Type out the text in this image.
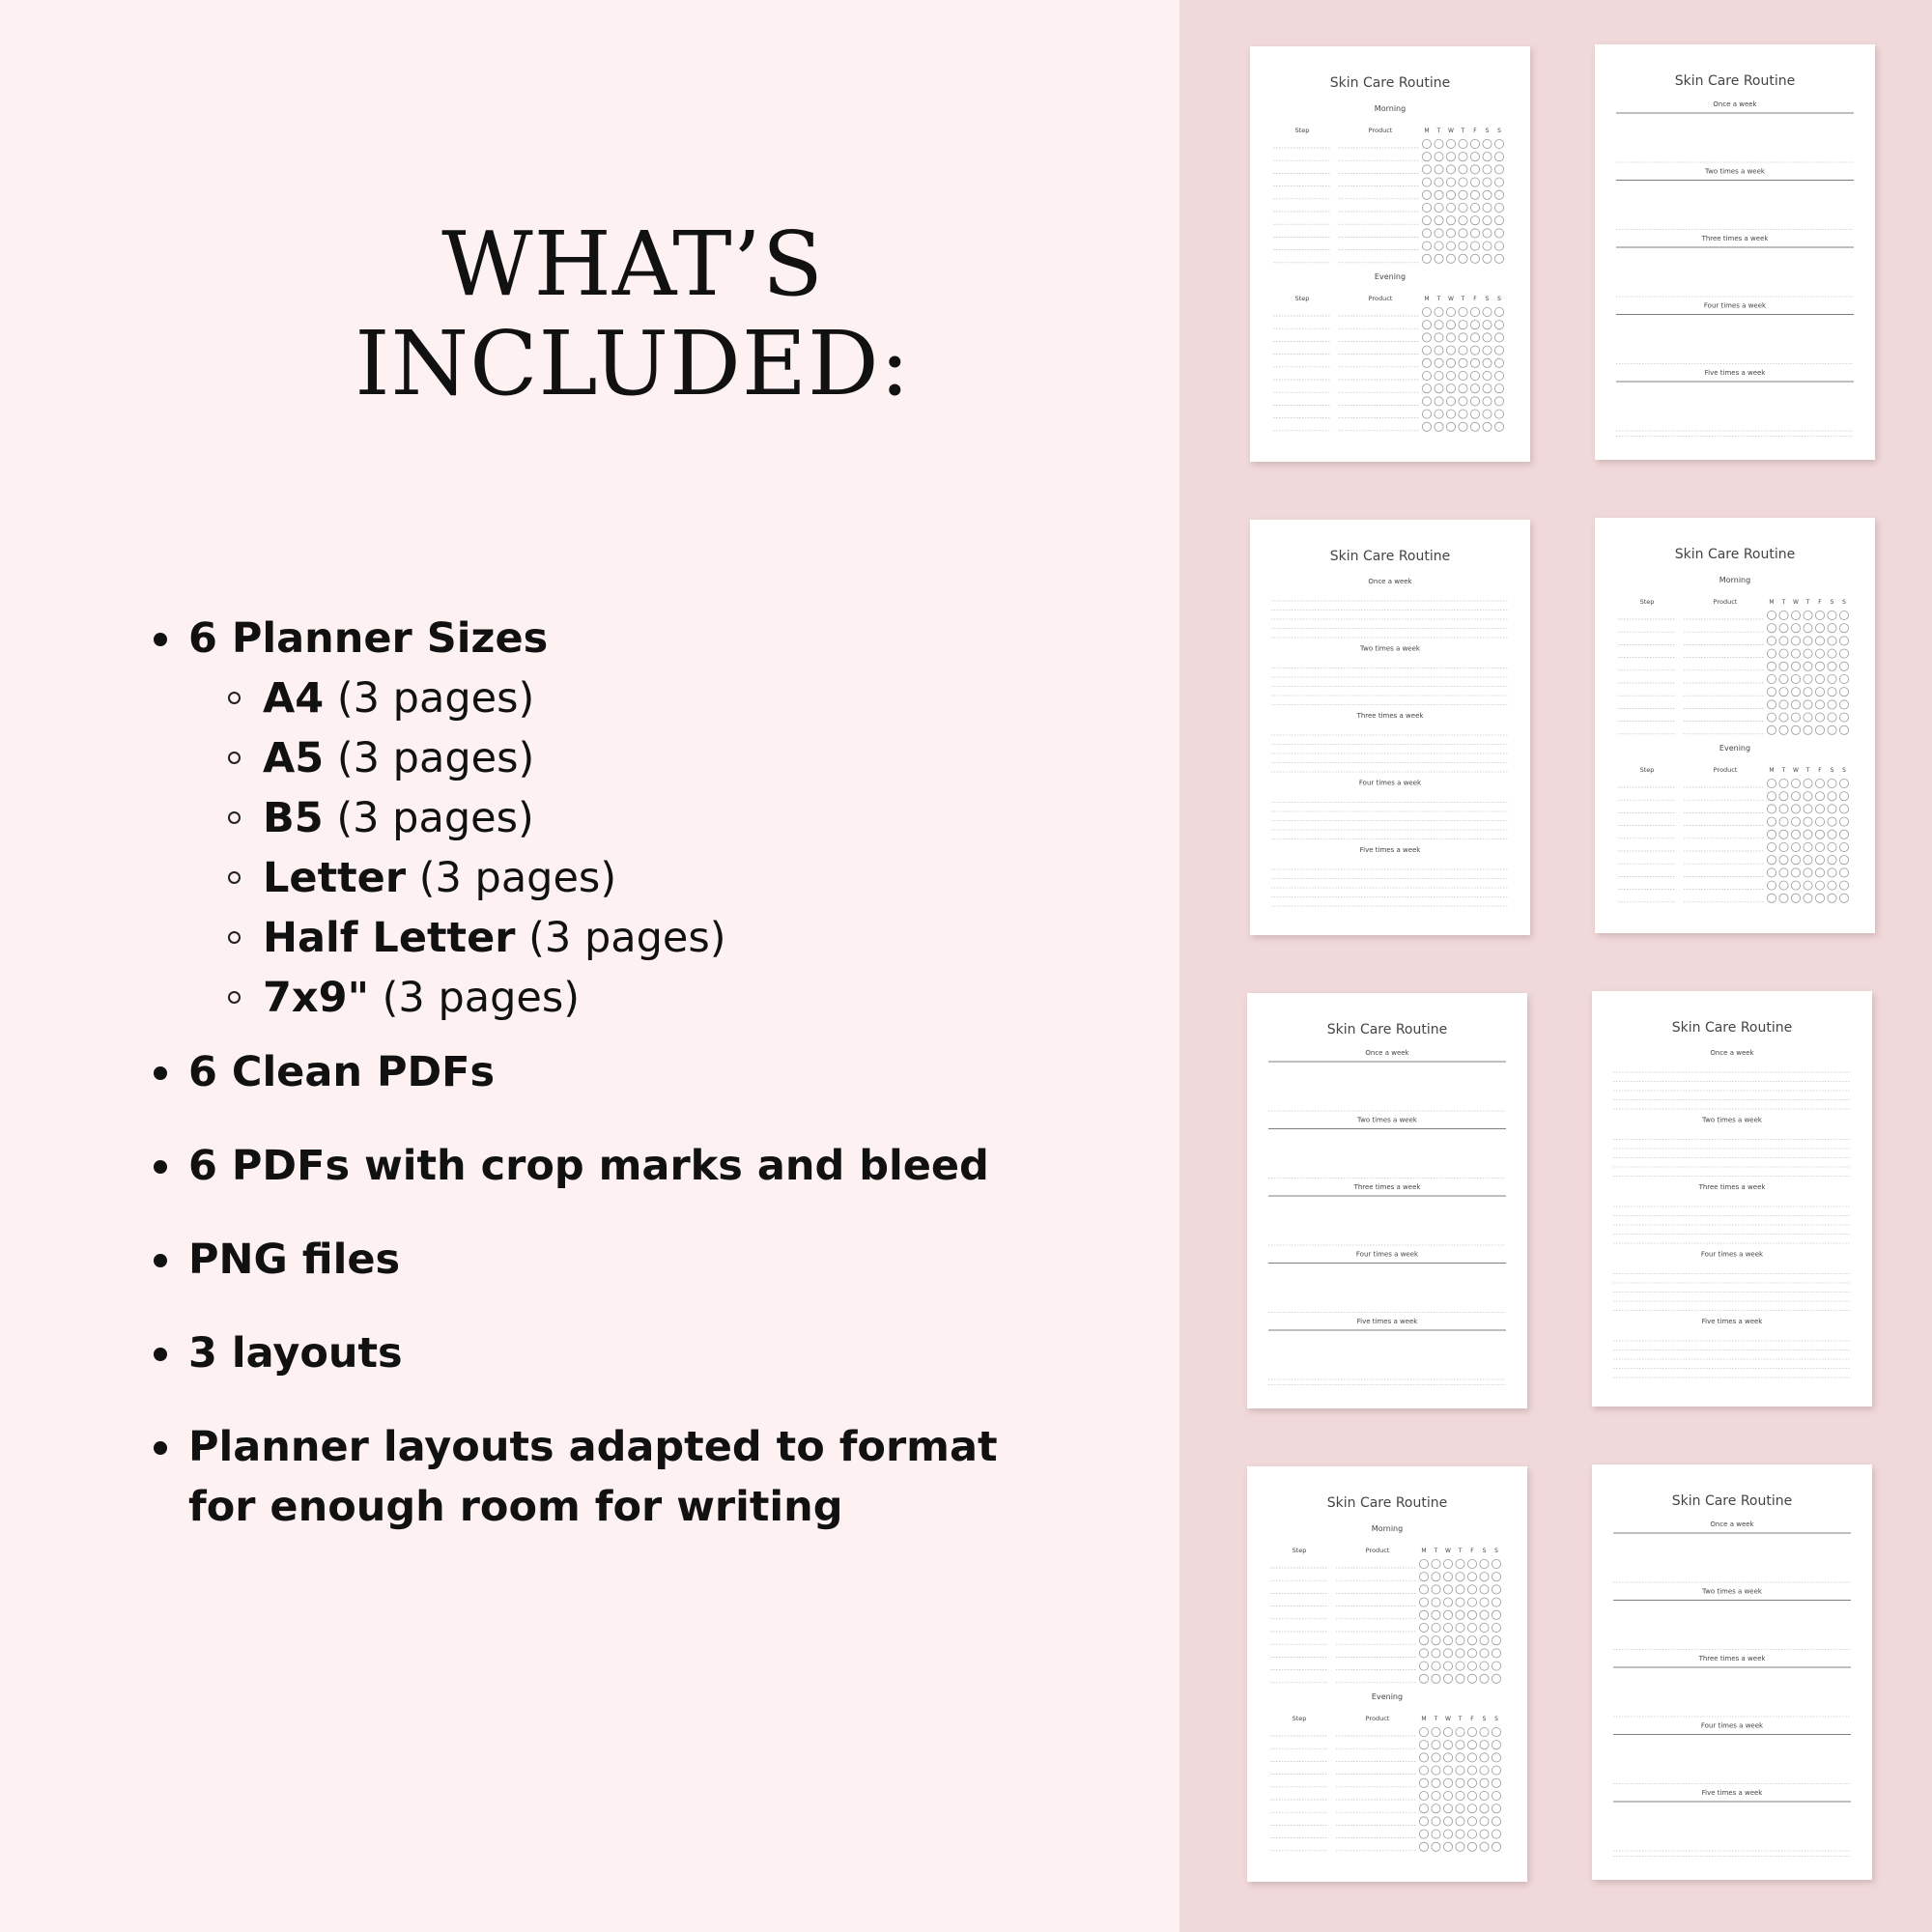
WHAT’S
INCLUDED:
6 Planner Sizes
A4 (3 pages)
A5 (3 pages)
B5 (3 pages)
Letter (3 pages)
Half Letter (3 pages)
7x9" (3 pages)
6 Clean PDFs
6 PDFs with crop marks and bleed
PNG files
3 layouts
Planner layouts adapted to format for enough room for writing
Skin Care Routine
Morning
Step	Product	M T W T F S S
Evening
Step	Product	M T W T F S S
Skin Care Routine
Once a week
Two times a week
Three times a week
Four times a week
Five times a week
Skin Care Routine
Once a week
Two times a week
Three times a week
Four times a week
Five times a week
Skin Care Routine
Morning
Step	Product	M T W T F S S
Evening
Step	Product	M T W T F S S
Skin Care Routine
Once a week
Two times a week
Three times a week
Four times a week
Five times a week
Skin Care Routine
Once a week
Two times a week
Three times a week
Four times a week
Five times a week
Skin Care Routine
Morning
Step	Product	M T W T F S S
Evening
Step	Product	M T W T F S S
Skin Care Routine
Once a week
Two times a week
Three times a week
Four times a week
Five times a week
